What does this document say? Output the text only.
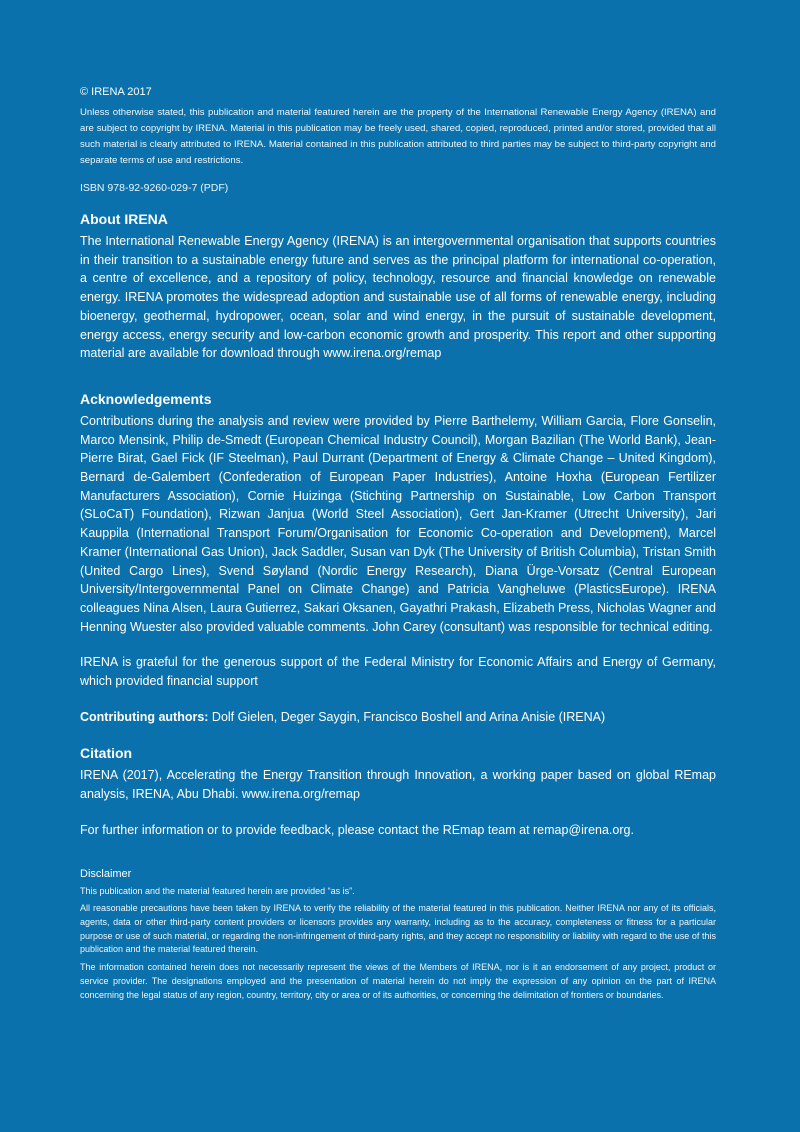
© IRENA 2017

Unless otherwise stated, this publication and material featured herein are the property of the International Renewable Energy Agency (IRENA) and are subject to copyright by IRENA. Material in this publication may be freely used, shared, copied, reproduced, printed and/or stored, provided that all such material is clearly attributed to IRENA. Material contained in this publication attributed to third parties may be subject to third-party copyright and separate terms of use and restrictions.

ISBN 978-92-9260-029-7 (PDF)

About IRENA

The International Renewable Energy Agency (IRENA) is an intergovernmental organisation that supports countries in their transition to a sustainable energy future and serves as the principal platform for international co-operation, a centre of excellence, and a repository of policy, technology, resource and financial knowledge on renewable energy. IRENA promotes the widespread adoption and sustainable use of all forms of renewable energy, including bioenergy, geothermal, hydropower, ocean, solar and wind energy, in the pursuit of sustainable development, energy access, energy security and low-carbon economic growth and prosperity. This report and other supporting material are available for download through www.irena.org/remap

Acknowledgements

Contributions during the analysis and review were provided by Pierre Barthelemy, William Garcia, Flore Gonselin, Marco Mensink, Philip de-Smedt (European Chemical Industry Council), Morgan Bazilian (The World Bank), Jean-Pierre Birat, Gael Fick (IF Steelman), Paul Durrant (Department of Energy & Climate Change – United Kingdom), Bernard de-Galembert (Confederation of European Paper Industries), Antoine Hoxha (European Fertilizer Manufacturers Association), Cornie Huizinga (Stichting Partnership on Sustainable, Low Carbon Transport (SLoCaT) Foundation), Rizwan Janjua (World Steel Association), Gert Jan-Kramer (Utrecht University), Jari Kauppila (International Transport Forum/Organisation for Economic Co-operation and Development), Marcel Kramer (International Gas Union), Jack Saddler, Susan van Dyk (The University of British Columbia), Tristan Smith (United Cargo Lines), Svend Søyland (Nordic Energy Research), Diana Ürge-Vorsatz (Central European University/Intergovernmental Panel on Climate Change) and Patricia Vangheluwe (PlasticsEurope). IRENA colleagues Nina Alsen, Laura Gutierrez, Sakari Oksanen, Gayathri Prakash, Elizabeth Press, Nicholas Wagner and Henning Wuester also provided valuable comments. John Carey (consultant) was responsible for technical editing.

IRENA is grateful for the generous support of the Federal Ministry for Economic Affairs and Energy of Germany, which provided financial support

Contributing authors: Dolf Gielen, Deger Saygin, Francisco Boshell and Arina Anisie (IRENA)

Citation

IRENA (2017), Accelerating the Energy Transition through Innovation, a working paper based on global REmap analysis, IRENA, Abu Dhabi. www.irena.org/remap

For further information or to provide feedback, please contact the REmap team at remap@irena.org.

Disclaimer

This publication and the material featured herein are provided “as is”.

All reasonable precautions have been taken by IRENA to verify the reliability of the material featured in this publication. Neither IRENA nor any of its officials, agents, data or other third-party content providers or licensors provides any warranty, including as to the accuracy, completeness or fitness for a particular purpose or use of such material, or regarding the non-infringement of third-party rights, and they accept no responsibility or liability with regard to the use of this publication and the material featured therein.

The information contained herein does not necessarily represent the views of the Members of IRENA, nor is it an endorsement of any project, product or service provider. The designations employed and the presentation of material herein do not imply the expression of any opinion on the part of IRENA concerning the legal status of any region, country, territory, city or area or of its authorities, or concerning the delimitation of frontiers or boundaries.
